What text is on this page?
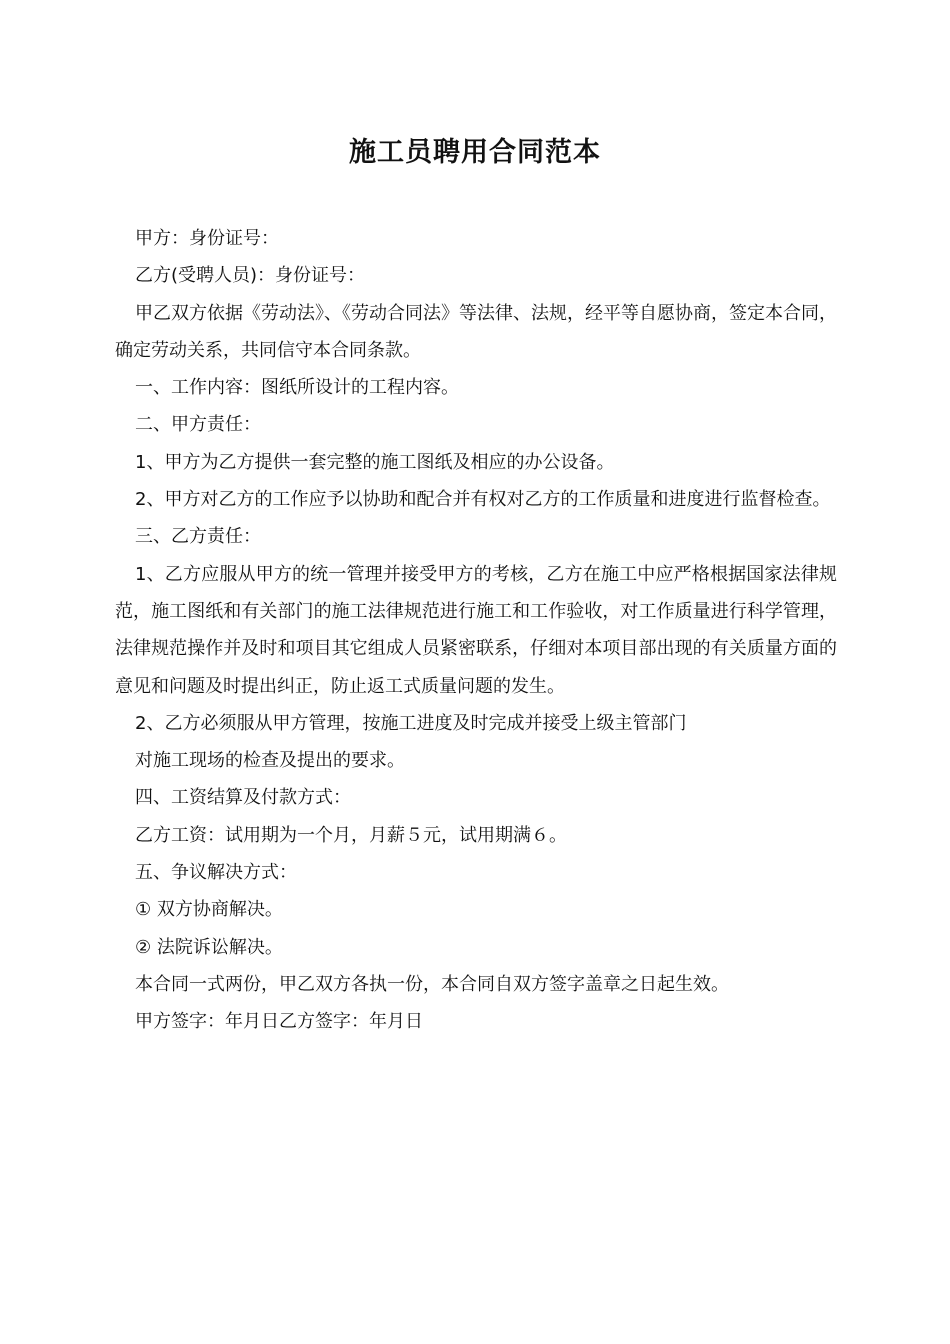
施工员聘用合同范本

甲方：身份证号：

乙方(受聘人员)：身份证号：

甲乙双方依据《劳动法》、《劳动合同法》等法律、法规，经平等自愿协商，签定本合同，确定劳动关系，共同信守本合同条款。

一、工作内容：图纸所设计的工程内容。

二、甲方责任：

1、甲方为乙方提供一套完整的施工图纸及相应的办公设备。

2、甲方对乙方的工作应予以协助和配合并有权对乙方的工作质量和进度进行监督检查。

三、乙方责任：

1、乙方应服从甲方的统一管理并接受甲方的考核，乙方在施工中应严格根据国家法律规范，施工图纸和有关部门的施工法律规范进行施工和工作验收，对工作质量进行科学管理，法律规范操作并及时和项目其它组成人员紧密联系，仔细对本项目部出现的有关质量方面的意见和问题及时提出纠正，防止返工式质量问题的发生。

2、乙方必须服从甲方管理，按施工进度及时完成并接受上级主管部门

对施工现场的检查及提出的要求。

四、工资结算及付款方式：

乙方工资：试用期为一个月，月薪５元，试用期满６。

五、争议解决方式：

① 双方协商解决。

② 法院诉讼解决。

本合同一式两份，甲乙双方各执一份，本合同自双方签字盖章之日起生效。

甲方签字：年月日乙方签字：年月日
